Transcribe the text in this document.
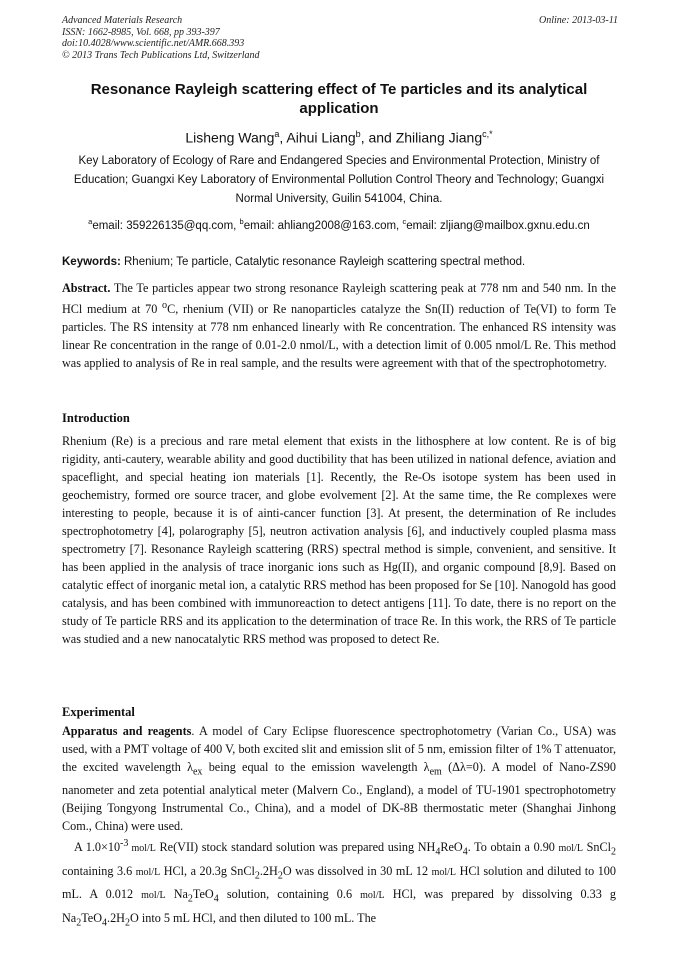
Advanced Materials Research
ISSN: 1662-8985, Vol. 668, pp 393-397
doi:10.4028/www.scientific.net/AMR.668.393
© 2013 Trans Tech Publications Ltd, Switzerland
Online: 2013-03-11
Resonance Rayleigh scattering effect of Te particles and its analytical application
Lisheng Wang$^a$, Aihui Liang$^b$, and Zhiliang Jiang$^{c,*}$
Key Laboratory of Ecology of Rare and Endangered Species and Environmental Protection, Ministry of Education; Guangxi Key Laboratory of Environmental Pollution Control Theory and Technology; Guangxi Normal University, Guilin 541004, China.
$^a$email: 359226135@qq.com, $^b$email: ahliang2008@163.com, $^c$email: zljiang@mailbox.gxnu.edu.cn
Keywords: Rhenium; Te particle, Catalytic resonance Rayleigh scattering spectral method.
Abstract. The Te particles appear two strong resonance Rayleigh scattering peak at 778 nm and 540 nm. In the HCl medium at 70 $^o$C, rhenium (VII) or Re nanoparticles catalyze the Sn(II) reduction of Te(VI) to form Te particles. The RS intensity at 778 nm enhanced linearly with Re concentration. The enhanced RS intensity was linear Re concentration in the range of 0.01-2.0 nmol/L, with a detection limit of 0.005 nmol/L Re. This method was applied to analysis of Re in real sample, and the results were agreement with that of the spectrophotometry.
Introduction
Rhenium (Re) is a precious and rare metal element that exists in the lithosphere at low content. Re is of big rigidity, anti-cautery, wearable ability and good ductibility that has been utilized in national defence, aviation and spaceflight, and special heating ion materials [1]. Recently, the Re-Os isotope system has been used in geochemistry, formed ore source tracer, and globe evolvement [2]. At the same time, the Re complexes were interesting to people, because it is of ainti-cancer function [3]. At present, the determination of Re includes spectrophotometry [4], polarography [5], neutron activation analysis [6], and inductively coupled plasma mass spectrometry [7]. Resonance Rayleigh scattering (RRS) spectral method is simple, convenient, and sensitive. It has been applied in the analysis of trace inorganic ions such as Hg(II), and organic compound [8,9]. Based on catalytic effect of inorganic metal ion, a catalytic RRS method has been proposed for Se [10]. Nanogold has good catalysis, and has been combined with immunoreaction to detect antigens [11]. To date, there is no report on the study of Te particle RRS and its application to the determination of trace Re. In this work, the RRS of Te particle was studied and a new nanocatalytic RRS method was proposed to detect Re.
Experimental

Apparatus and reagents. A model of Cary Eclipse fluorescence spectrophotometry (Varian Co., USA) was used, with a PMT voltage of 400 V, both excited slit and emission slit of 5 nm, emission filter of 1% T attenuator, the excited wavelength $\lambda_{ex}$ being equal to the emission wavelength $\lambda_{em}$ (Δλ=0). A model of Nano-ZS90 nanometer and zeta potential analytical meter (Malvern Co., England), a model of TU-1901 spectrophotometry (Beijing Tongyong Instrumental Co., China), and a model of DK-8B thermostatic meter (Shanghai Jinhong Com., China) were used.

A $1.0\times 10^{-3}$ mol/L Re(VII) stock standard solution was prepared using $NH_4ReO_4$. To obtain a 0.90 mol/L SnCl$_2$ containing 3.6 mol/L HCl, a 20.3g $SnCl_2.2H_2O$ was dissolved in 30 mL 12 mol/L HCl solution and diluted to 100 mL. A 0.012 mol/L $Na_2TeO_4$ solution, containing 0.6 mol/L HCl, was prepared by dissolving 0.33 g $Na_2TeO_4.2H_2O$ into 5 mL HCl, and then diluted to 100 mL. The
